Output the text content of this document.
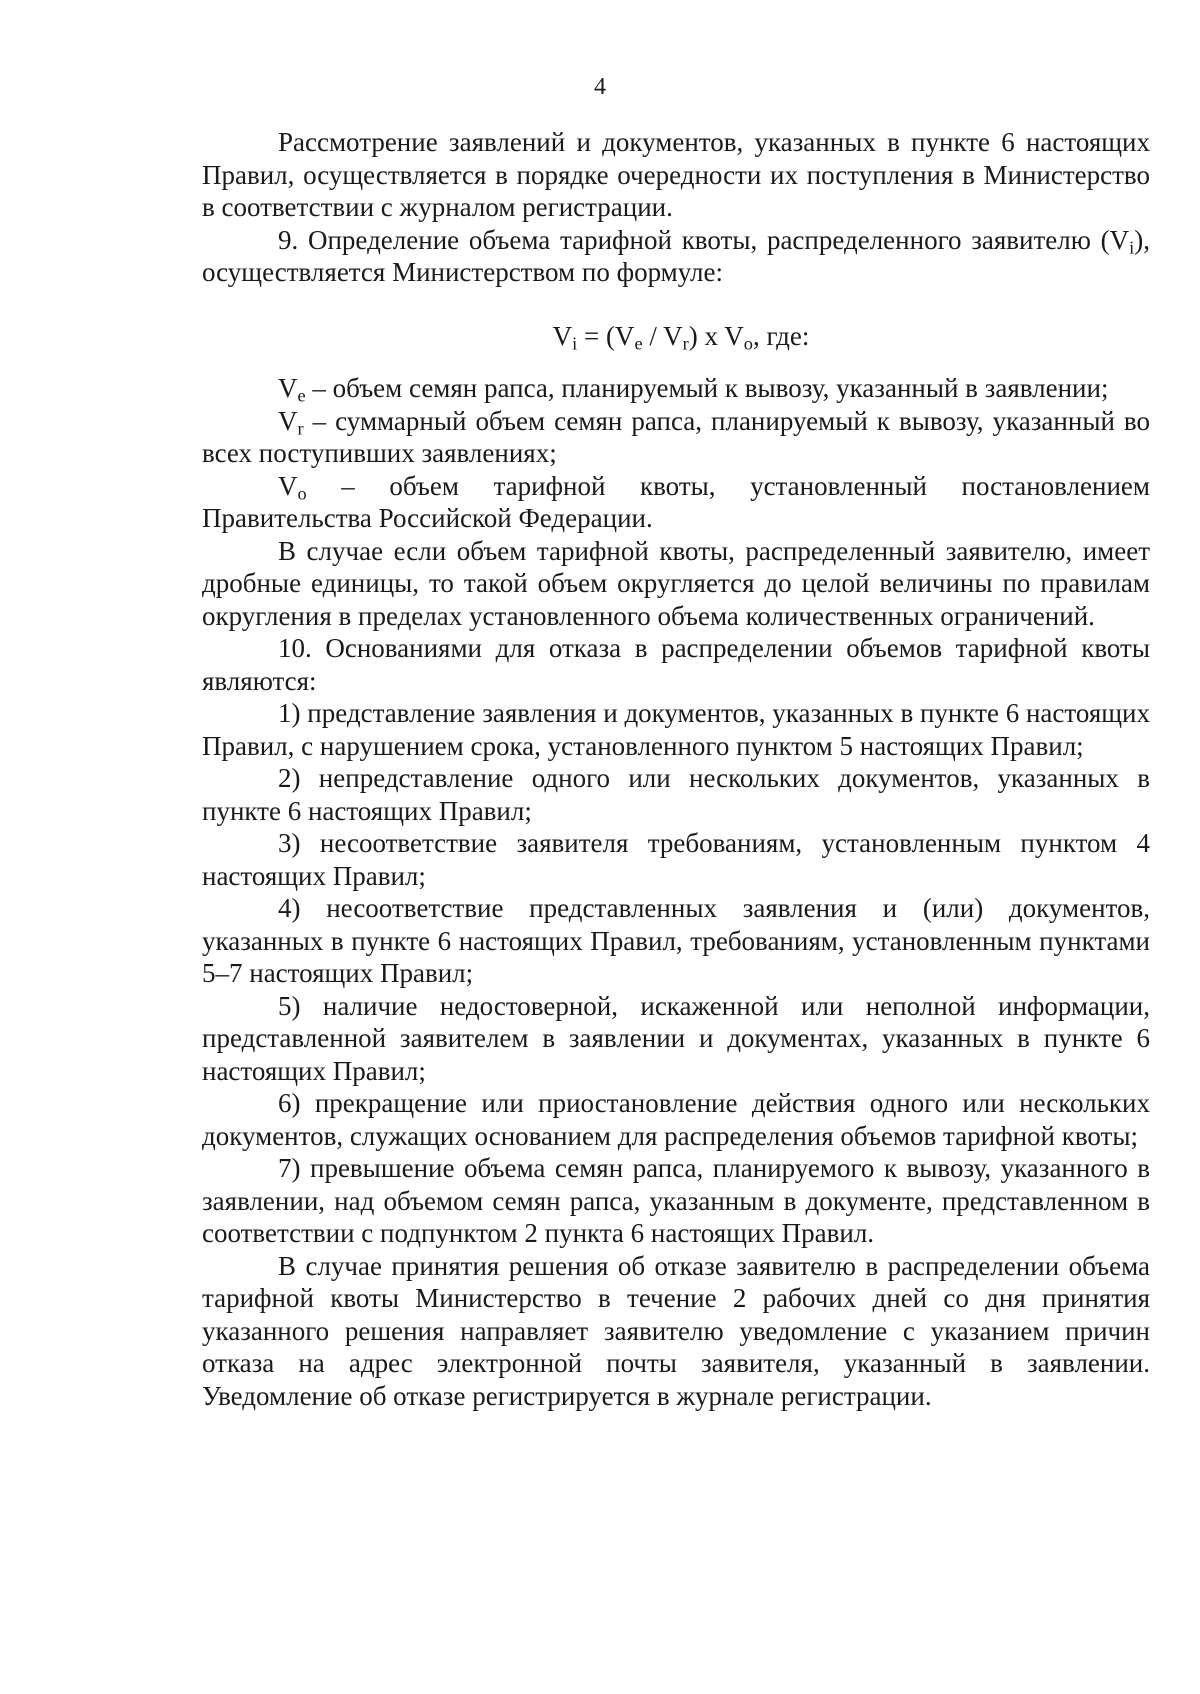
4

Рассмотрение заявлений и документов, указанных в пункте 6 настоящих Правил, осуществляется в порядке очередности их поступления в Министерство в соответствии с журналом регистрации.

9. Определение объема тарифной квоты, распределенного заявителю $(V_i)$, осуществляется Министерством по формуле:

$V_i = (V_e / V_r)$ x $V_o$, где:

$V_e$ – объем семян рапса, планируемый к вывозу, указанный в заявлении;

$V_r$ – суммарный объем семян рапса, планируемый к вывозу, указанный во всех поступивших заявлениях;

$V_o$ – объем тарифной квоты, установленный постановлением Правительства Российской Федерации.

В случае если объем тарифной квоты, распределенный заявителю, имеет дробные единицы, то такой объем округляется до целой величины по правилам округления в пределах установленного объема количественных ограничений.

10. Основаниями для отказа в распределении объемов тарифной квоты являются:

1) представление заявления и документов, указанных в пункте 6 настоящих Правил, с нарушением срока, установленного пунктом 5 настоящих Правил;

2) непредставление одного или нескольких документов, указанных в пункте 6 настоящих Правил;

3) несоответствие заявителя требованиям, установленным пунктом 4 настоящих Правил;

4) несоответствие представленных заявления и (или) документов, указанных в пункте 6 настоящих Правил, требованиям, установленным пунктами 5–7 настоящих Правил;

5) наличие недостоверной, искаженной или неполной информации, представленной заявителем в заявлении и документах, указанных в пункте 6 настоящих Правил;

6) прекращение или приостановление действия одного или нескольких документов, служащих основанием для распределения объемов тарифной квоты;

7) превышение объема семян рапса, планируемого к вывозу, указанного в заявлении, над объемом семян рапса, указанным в документе, представленном в соответствии с подпунктом 2 пункта 6 настоящих Правил.

В случае принятия решения об отказе заявителю в распределении объема тарифной квоты Министерство в течение 2 рабочих дней со дня принятия указанного решения направляет заявителю уведомление с указанием причин отказа на адрес электронной почты заявителя, указанный в заявлении. Уведомление об отказе регистрируется в журнале регистрации.
